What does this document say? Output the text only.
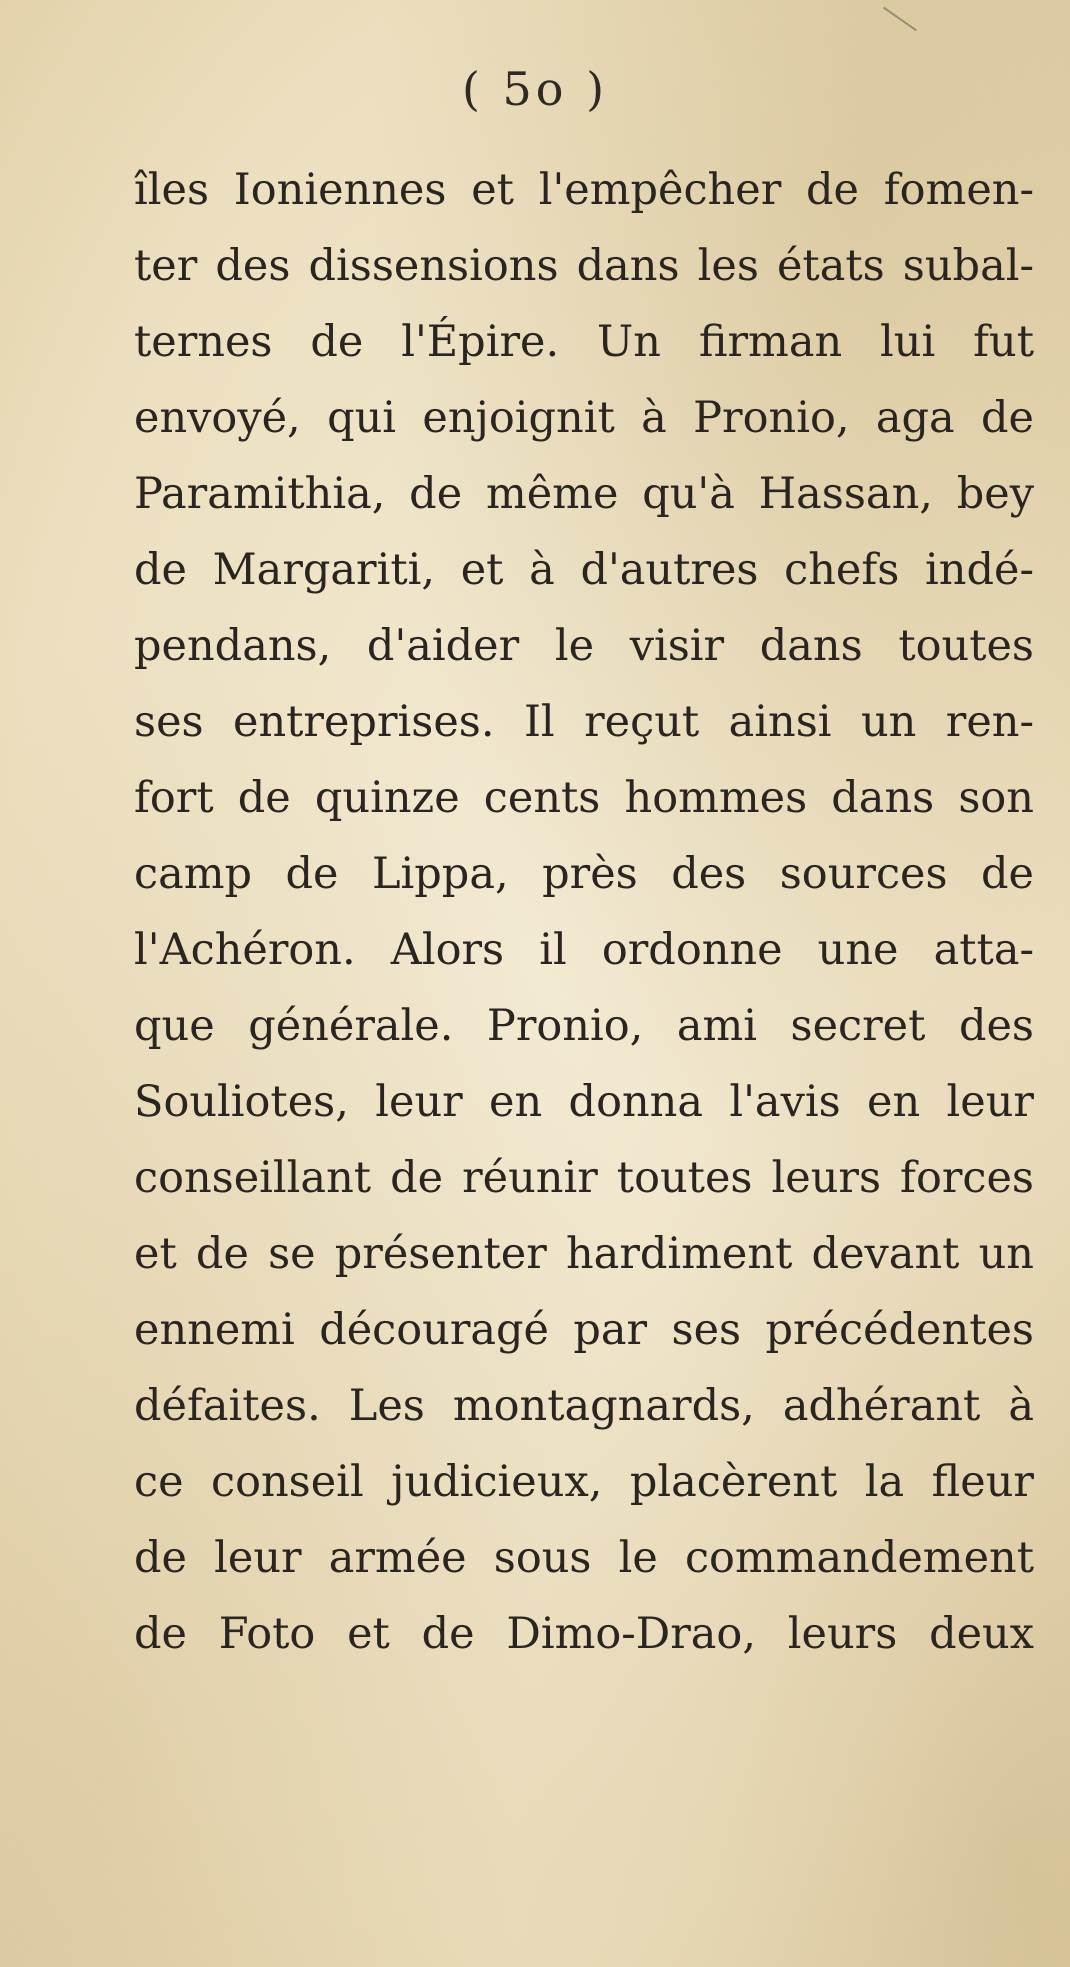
( 5o )
îles Ioniennes et l'empêcher de fomen-
ter des dissensions dans les états subal-
ternes de l'Épire. Un firman lui fut
envoyé, qui enjoignit à Pronio, aga de
Paramithia, de même qu'à Hassan, bey
de Margariti, et à d'autres chefs indé-
pendans, d'aider le visir dans toutes
ses entreprises. Il reçut ainsi un ren-
fort de quinze cents hommes dans son
camp de Lippa, près des sources de
l'Achéron. Alors il ordonne une atta-
que générale. Pronio, ami secret des
Souliotes, leur en donna l'avis en leur
conseillant de réunir toutes leurs forces
et de se présenter hardiment devant un
ennemi découragé par ses précédentes
défaites. Les montagnards, adhérant à
ce conseil judicieux, placèrent la fleur
de leur armée sous le commandement
de Foto et de Dimo-Drao, leurs deux
